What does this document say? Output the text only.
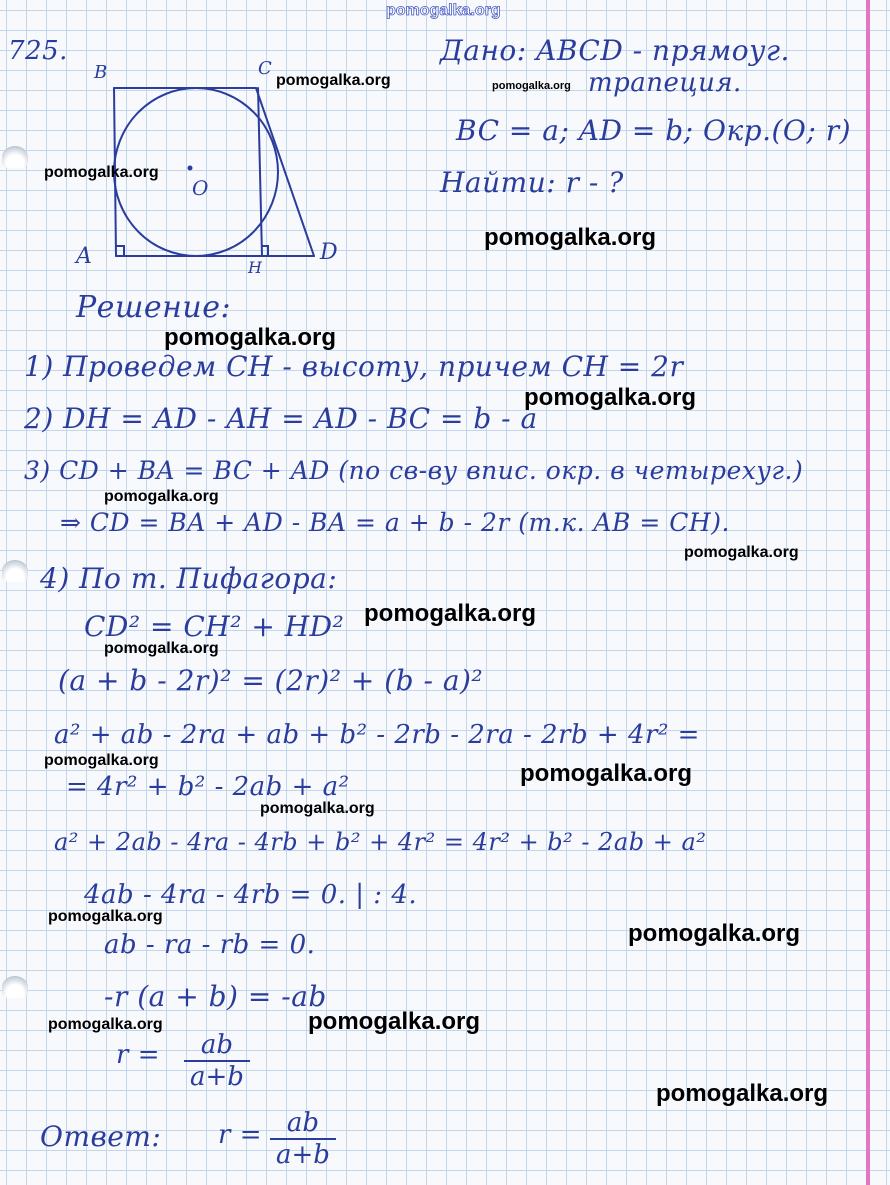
pomogalka.org
B	C
O
A	H
D
725.	Дано: ABCD - прямоуг.
трапеция.
BC = a; AD = b; Окр.(O; r)
Найти: r - ?
Решение:
1) Проведем CH - высоту, причем CH = 2r
2) DH = AD - AH = AD - BC = b - a
3) CD + BA = BC + AD (по св-ву впис. окр. в четырехуг.)
⇒ CD = BA + AD - BA = a + b - 2r (т.к. AB = CH).
4) По т. Пифагора:
CD² = CH² + HD²
(a + b - 2r)² = (2r)² + (b - a)²
a² + ab - 2ra + ab + b² - 2rb - 2ra - 2rb + 4r² =
= 4r² + b² - 2ab + a²
a² + 2ab - 4ra - 4rb + b² + 4r² = 4r² + b² - 2ab + a²
4ab - 4ra - 4rb = 0. | : 4.
ab - ra - rb = 0.
-r (a + b) = -ab
$r = \frac{ab}{a+b}$
Ответ: $r = \frac{ab}{a+b}$
pomogalka.org	pomogalka.org
pomogalka.org
pomogalka.org
pomogalka.org
pomogalka.org
pomogalka.org
pomogalka.org
pomogalka.org
pomogalka.org
pomogalka.org	pomogalka.org
pomogalka.org
pomogalka.org
pomogalka.org
pomogalka.org	pomogalka.org
pomogalka.org
